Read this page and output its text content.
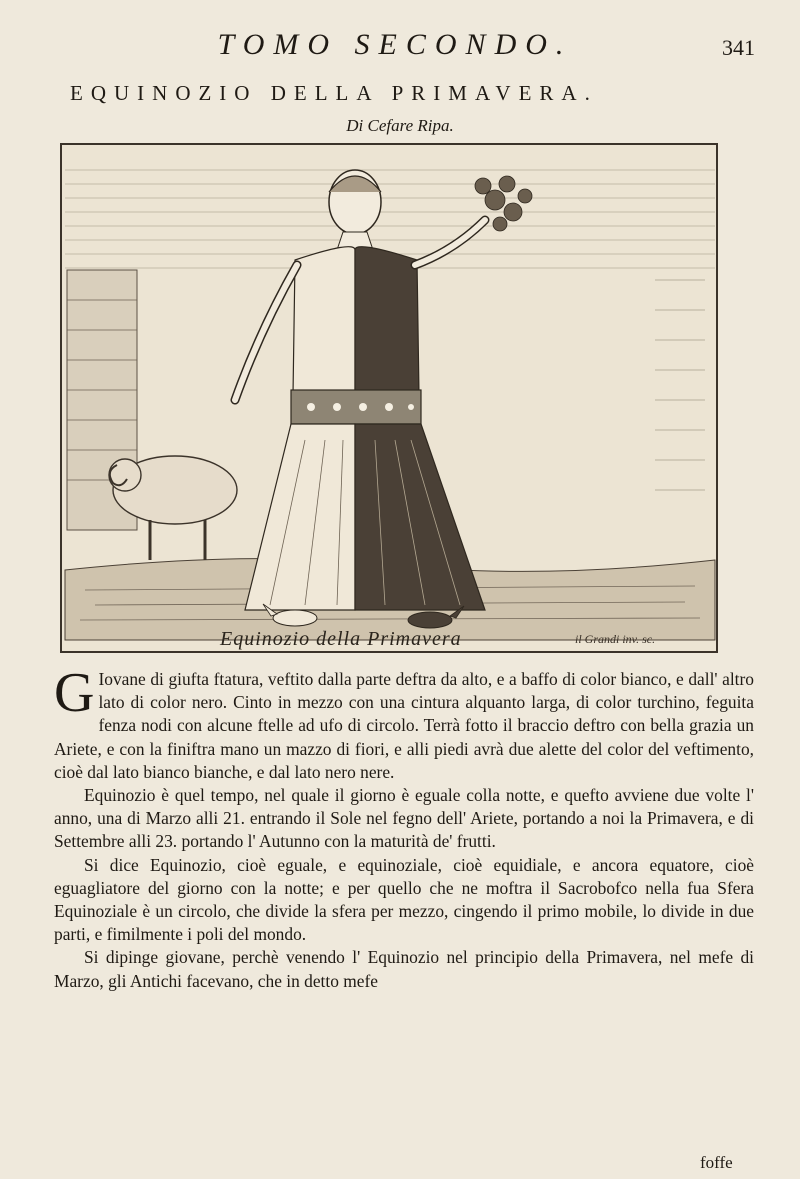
TOMO SECONDO.	341
EQUINOZIO DELLA PRIMAVERA.
Di Cefare Ripa.
Equinozio della Primavera	il Grandi inv. sc.

G Iovane di giufta ftatura, veftito dalla parte deftra da alto, e a baffo di color bianco, e dall' altro lato di color nero. Cinto in mezzo con una cintura alquanto larga, di color turchino, feguita fenza nodi con alcune ftelle ad ufo di circolo. Terrà fotto il braccio deftro con bella grazia un Ariete, e con la finiftra mano un mazzo di fiori, e alli piedi avrà due alette del color del veftimento, cioè dal lato bianco bianche, e dal lato nero nere.

Equinozio è quel tempo, nel quale il giorno è eguale colla notte, e quefto avviene due volte l' anno, una di Marzo alli 21. entrando il Sole nel fegno dell' Ariete, portando a noi la Primavera, e di Settembre alli 23. portando l' Autunno con la maturità de' frutti.

Si dice Equinozio, cioè eguale, e equinoziale, cioè equidiale, e ancora equatore, cioè eguagliatore del giorno con la notte; e per quello che ne moftra il Sacrobofco nella fua Sfera Equinoziale è un circolo, che divide la sfera per mezzo, cingendo il primo mobile, lo divide in due parti, e fimilmente i poli del mondo.

Si dipinge giovane, perchè venendo l' Equinozio nel principio della Primavera, nel mefe di Marzo, gli Antichi facevano, che in detto mefe

foffe
